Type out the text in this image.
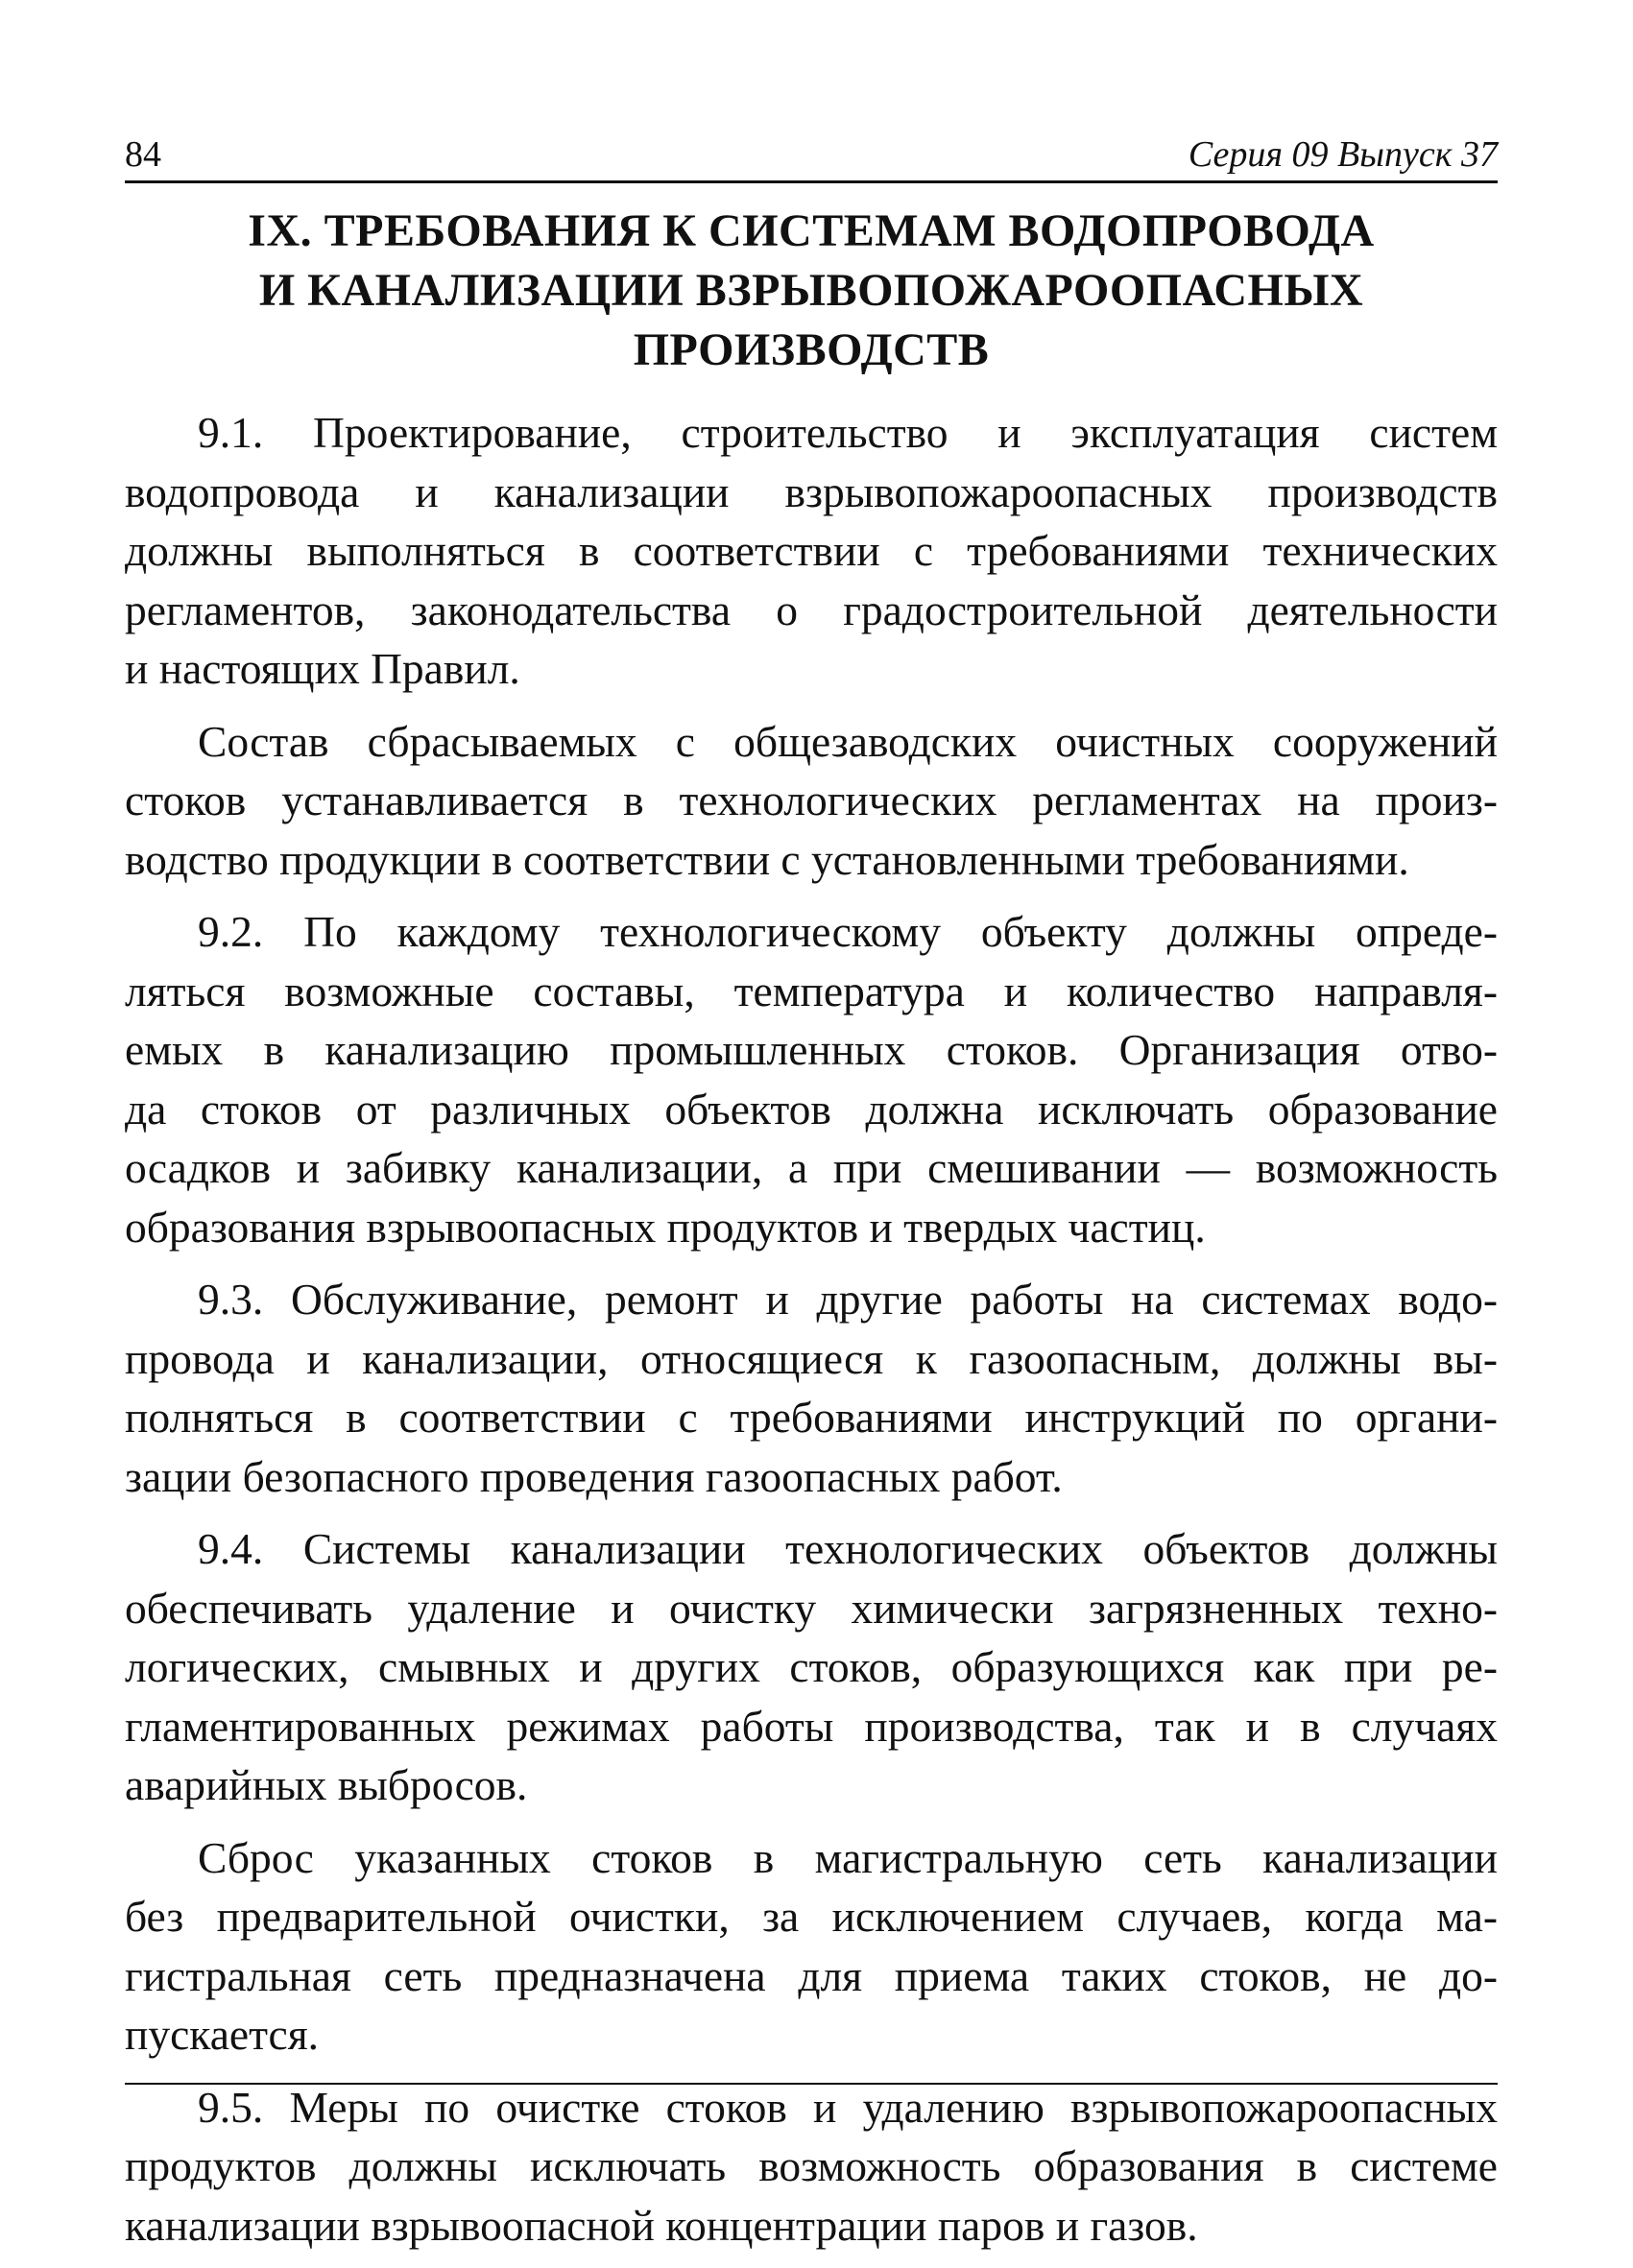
84	Серия 09 Выпуск 37
IX. ТРЕБОВАНИЯ К СИСТЕМАМ ВОДОПРОВОДА
И КАНАЛИЗАЦИИ ВЗРЫВОПОЖАРООПАСНЫХ
ПРОИЗВОДСТВ
9.1. Проектирование, строительство и эксплуатация систем
водопровода и канализации взрывопожароопасных производств
должны выполняться в соответствии с требованиями технических
регламентов, законодательства о градостроительной деятельности
и настоящих Правил.
Состав сбрасываемых с общезаводских очистных сооружений
стоков устанавливается в технологических регламентах на произ-
водство продукции в соответствии с установленными требованиями.
9.2. По каждому технологическому объекту должны опреде-
ляться возможные составы, температура и количество направля-
емых в канализацию промышленных стоков. Организация отво-
да стоков от различных объектов должна исключать образование
осадков и забивку канализации, а при смешивании — возможность
образования взрывоопасных продуктов и твердых частиц.
9.3. Обслуживание, ремонт и другие работы на системах водо-
провода и канализации, относящиеся к газоопасным, должны вы-
полняться в соответствии с требованиями инструкций по органи-
зации безопасного проведения газоопасных работ.
9.4. Системы канализации технологических объектов должны
обеспечивать удаление и очистку химически загрязненных техно-
логических, смывных и других стоков, образующихся как при ре-
гламентированных режимах работы производства, так и в случаях
аварийных выбросов.
Сброс указанных стоков в магистральную сеть канализации
без предварительной очистки, за исключением случаев, когда ма-
гистральная сеть предназначена для приема таких стоков, не до-
пускается.
9.5. Меры по очистке стоков и удалению взрывопожароопасных
продуктов должны исключать возможность образования в системе
канализации взрывоопасной концентрации паров и газов.
